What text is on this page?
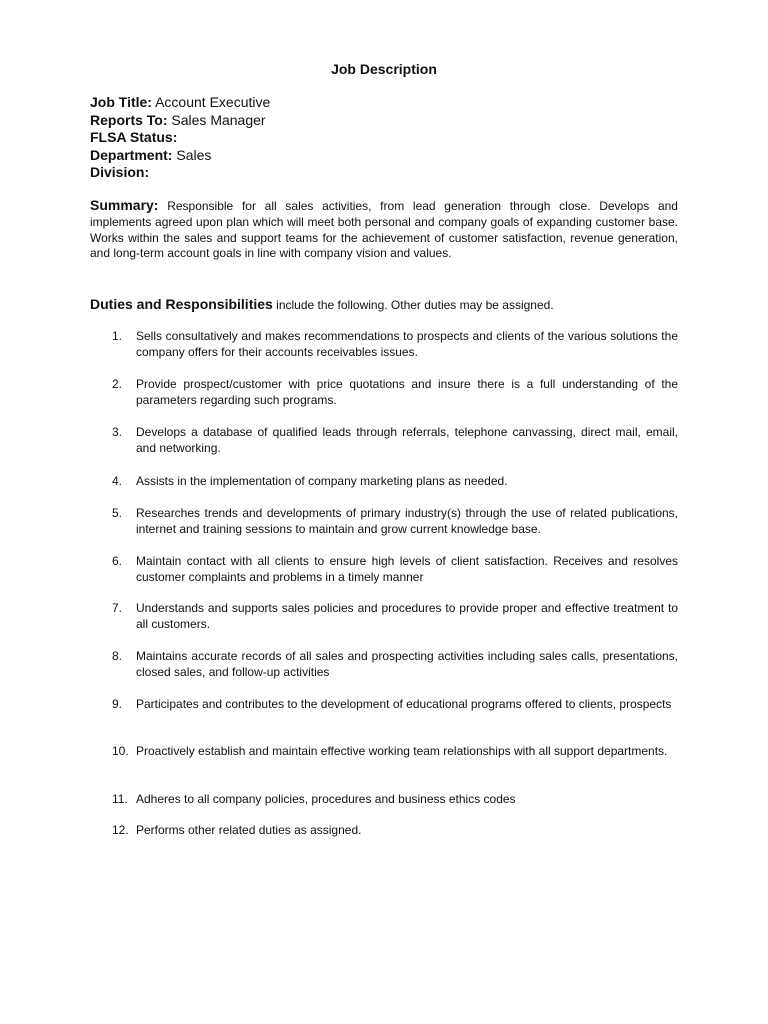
Job Description
Job Title: Account Executive
Reports To: Sales Manager
FLSA Status:
Department: Sales
Division:
Summary: Responsible for all sales activities, from lead generation through close. Develops and implements agreed upon plan which will meet both personal and company goals of expanding customer base. Works within the sales and support teams for the achievement of customer satisfaction, revenue generation, and long-term account goals in line with company vision and values.
Duties and Responsibilities include the following. Other duties may be assigned.
1.	Sells consultatively and makes recommendations to prospects and clients of the various solutions the company offers for their accounts receivables issues.
2.	Provide prospect/customer with price quotations and insure there is a full understanding of the parameters regarding such programs.
3.	Develops a database of qualified leads through referrals, telephone canvassing, direct mail, email, and networking.
4.	Assists in the implementation of company marketing plans as needed.
5.	Researches trends and developments of primary industry(s) through the use of related publications, internet and training sessions to maintain and grow current knowledge base.
6.	Maintain contact with all clients to ensure high levels of client satisfaction. Receives and resolves customer complaints and problems in a timely manner
7.	Understands and supports sales policies and procedures to provide proper and effective treatment to all customers.
8.	Maintains accurate records of all sales and prospecting activities including sales calls, presentations, closed sales, and follow-up activities
9.	Participates and contributes to the development of educational programs offered to clients, prospects
10. Proactively establish and maintain effective working team relationships with all support departments.
11. Adheres to all company policies, procedures and business ethics codes
12. Performs other related duties as assigned.
